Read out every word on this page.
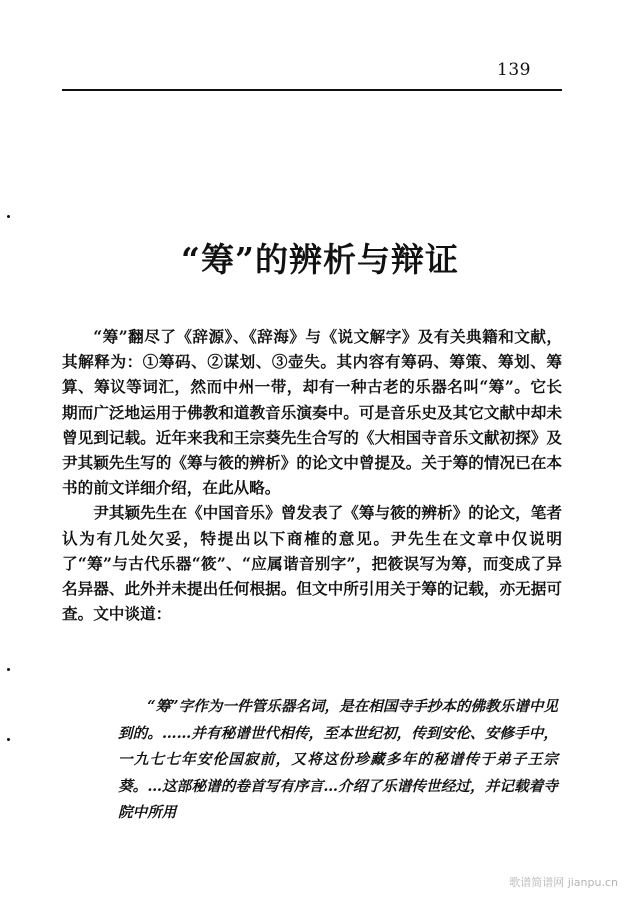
139
“筹”的辨析与辩证

“筹”翻尽了《辞源》、《辞海》与《说文解字》及有关典籍和文献，其解释为：①筹码、②谋划、③壶失。其内容有筹码、筹策、筹划、筹算、筹议等词汇，然而中州一带，却有一种古老的乐器名叫“筹”。它长期而广泛地运用于佛教和道教音乐演奏中。可是音乐史及其它文献中却未曾见到记载。近年来我和王宗葵先生合写的《大相国寺音乐文献初探》及尹其颖先生写的《筹与筱的辨析》的论文中曾提及。关于筹的情况已在本书的前文详细介绍，在此从略。

尹其颖先生在《中国音乐》曾发表了《筹与筱的辨析》的论文，笔者认为有几处欠妥，特提出以下商榷的意见。尹先生在文章中仅说明了“筹”与古代乐器“筱”、“应属谐音别字”，把筱误写为筹，而变成了异名异器、此外并未提出任何根据。但文中所引用关于筹的记载，亦无据可查。文中谈道：

“筹”字作为一件管乐器名词，是在相国寺手抄本的佛教乐谱中见到的。……并有秘谱世代相传，至本世纪初，传到安伦、安修手中，一九七七年安伦国寂前，又将这份珍藏多年的秘谱传于弟子王宗葵。…这部秘谱的卷首写有序言…介绍了乐谱传世经过，并记载着寺院中所用

歌谱简谱网 jianpu.cn
